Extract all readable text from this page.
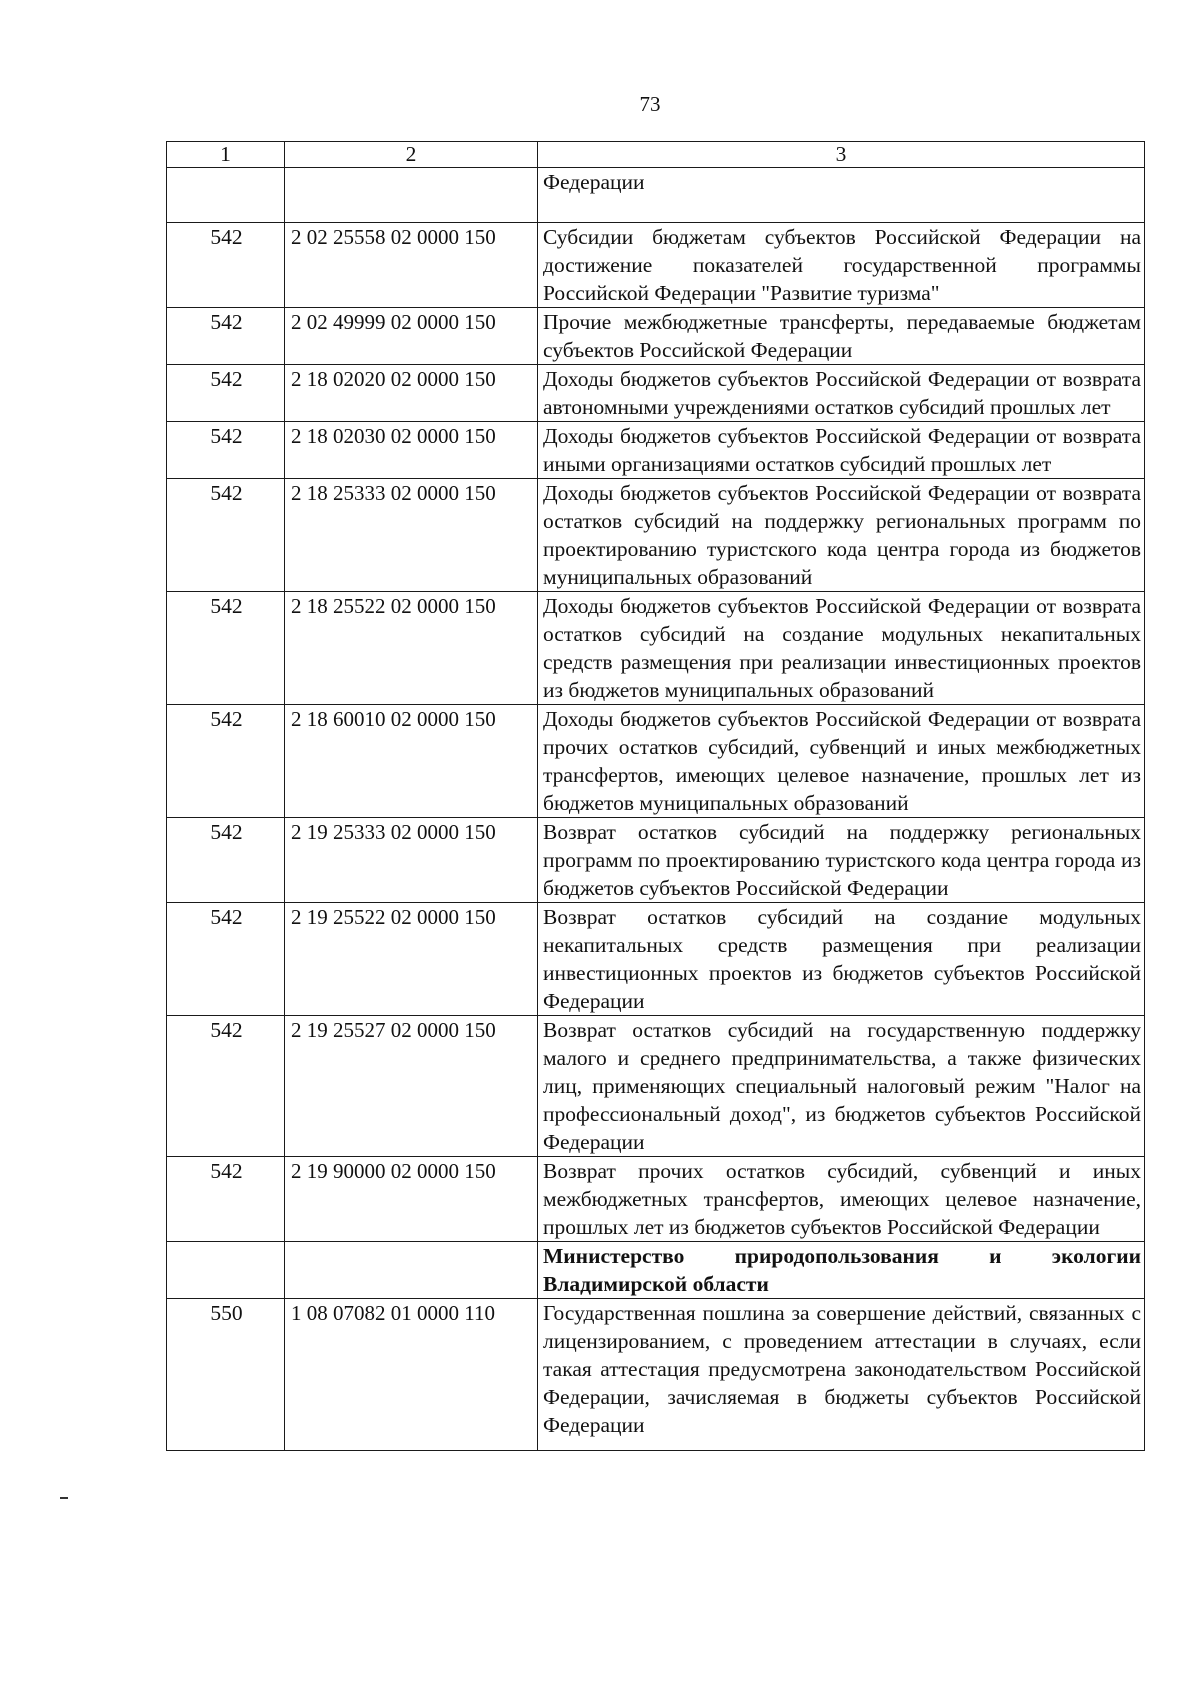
73
1	2	3
		Федерации
542	2 02 25558 02 0000 150	Субсидии бюджетам субъектов Российской Федерации на достижение показателей государственной программы Российской Федерации "Развитие туризма"
542	2 02 49999 02 0000 150	Прочие межбюджетные трансферты, передаваемые бюджетам субъектов Российской Федерации
542	2 18 02020 02 0000 150	Доходы бюджетов субъектов Российской Федерации от возврата автономными учреждениями остатков субсидий прошлых лет
542	2 18 02030 02 0000 150	Доходы бюджетов субъектов Российской Федерации от возврата иными организациями остатков субсидий прошлых лет
542	2 18 25333 02 0000 150	Доходы бюджетов субъектов Российской Федерации от возврата остатков субсидий на поддержку региональных программ по проектированию туристского кода центра города из бюджетов муниципальных образований
542	2 18 25522 02 0000 150	Доходы бюджетов субъектов Российской Федерации от возврата остатков субсидий на создание модульных некапитальных средств размещения при реализации инвестиционных проектов из бюджетов муниципальных образований
542	2 18 60010 02 0000 150	Доходы бюджетов субъектов Российской Федерации от возврата прочих остатков субсидий, субвенций и иных межбюджетных трансфертов, имеющих целевое назначение, прошлых лет из бюджетов муниципальных образований
542	2 19 25333 02 0000 150	Возврат остатков субсидий на поддержку региональных программ по проектированию туристского кода центра города из бюджетов субъектов Российской Федерации
542	2 19 25522 02 0000 150	Возврат остатков субсидий на создание модульных некапитальных средств размещения при реализации инвестиционных проектов из бюджетов субъектов Российской Федерации
542	2 19 25527 02 0000 150	Возврат остатков субсидий на государственную поддержку малого и среднего предпринимательства, а также физических лиц, применяющих специальный налоговый режим "Налог на профессиональный доход", из бюджетов субъектов Российской Федерации
542	2 19 90000 02 0000 150	Возврат прочих остатков субсидий, субвенций и иных межбюджетных трансфертов, имеющих целевое назначение, прошлых лет из бюджетов субъектов Российской Федерации
		Министерство природопользования и экологии Владимирской области
550	1 08 07082 01 0000 110	Государственная пошлина за совершение действий, связанных с лицензированием, с проведением аттестации в случаях, если такая аттестация предусмотрена законодательством Российской Федерации, зачисляемая в бюджеты субъектов Российской Федерации
